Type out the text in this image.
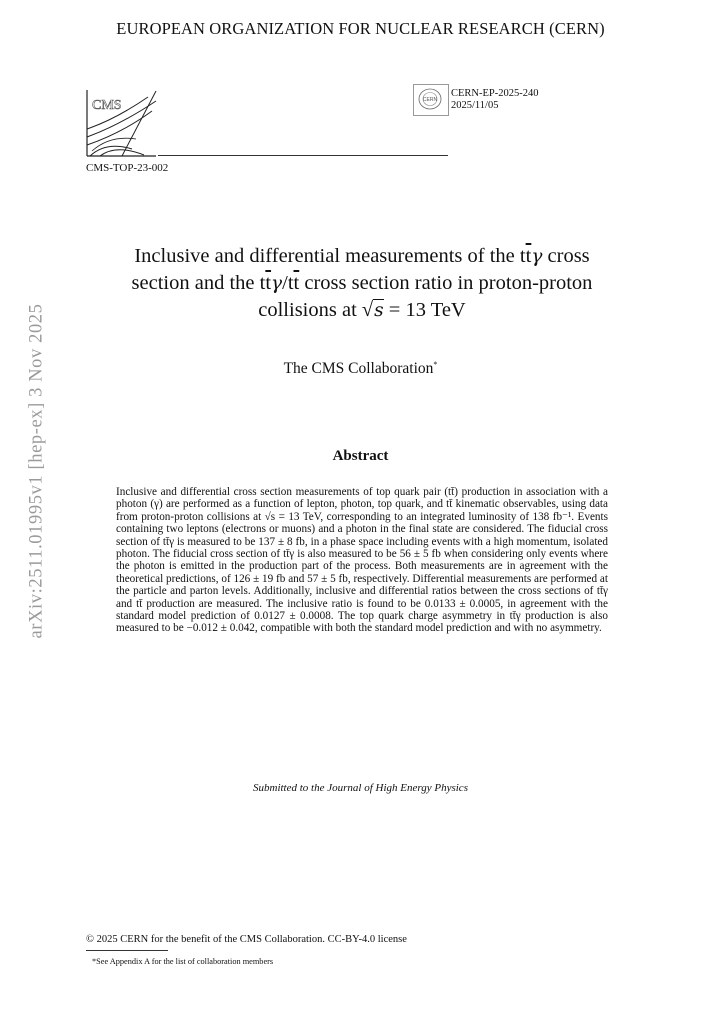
EUROPEAN ORGANIZATION FOR NUCLEAR RESEARCH (CERN)
CMS
CMS-TOP-23-002
CERN
CERN-EP-2025-240
2025/11/05
arXiv:2511.01995v1 [hep-ex] 3 Nov 2025
Inclusive and differential measurements of the $t\overline{t}\gamma$ cross
section and the $t\overline{t}\gamma/t\overline{t}$ cross section ratio in proton-proton
collisions at √s = 13 TeV
The CMS Collaboration*
Abstract

Inclusive and differential cross section measurements of top quark pair (tt̄) production in association with a photon (γ) are performed as a function of lepton, photon, top quark, and tt̄ kinematic observables, using data from proton-proton collisions at √s = 13 TeV, corresponding to an integrated luminosity of 138 fb⁻¹. Events containing two leptons (electrons or muons) and a photon in the final state are considered. The fiducial cross section of tt̄γ is measured to be 137 ± 8 fb, in a phase space including events with a high momentum, isolated photon. The fiducial cross section of tt̄γ is also measured to be 56 ± 5 fb when considering only events where the photon is emitted in the production part of the process. Both measurements are in agreement with the theoretical predictions, of 126 ± 19 fb and 57 ± 5 fb, respectively. Differential measurements are performed at the particle and parton levels. Additionally, inclusive and differential ratios between the cross sections of tt̄γ and tt̄ production are measured. The inclusive ratio is found to be 0.0133 ± 0.0005, in agreement with the standard model prediction of 0.0127 ± 0.0008. The top quark charge asymmetry in tt̄γ production is also measured to be −0.012 ± 0.042, compatible with both the standard model prediction and with no asymmetry.

Submitted to the Journal of High Energy Physics
© 2025 CERN for the benefit of the CMS Collaboration. CC-BY-4.0 license
*See Appendix A for the list of collaboration members
